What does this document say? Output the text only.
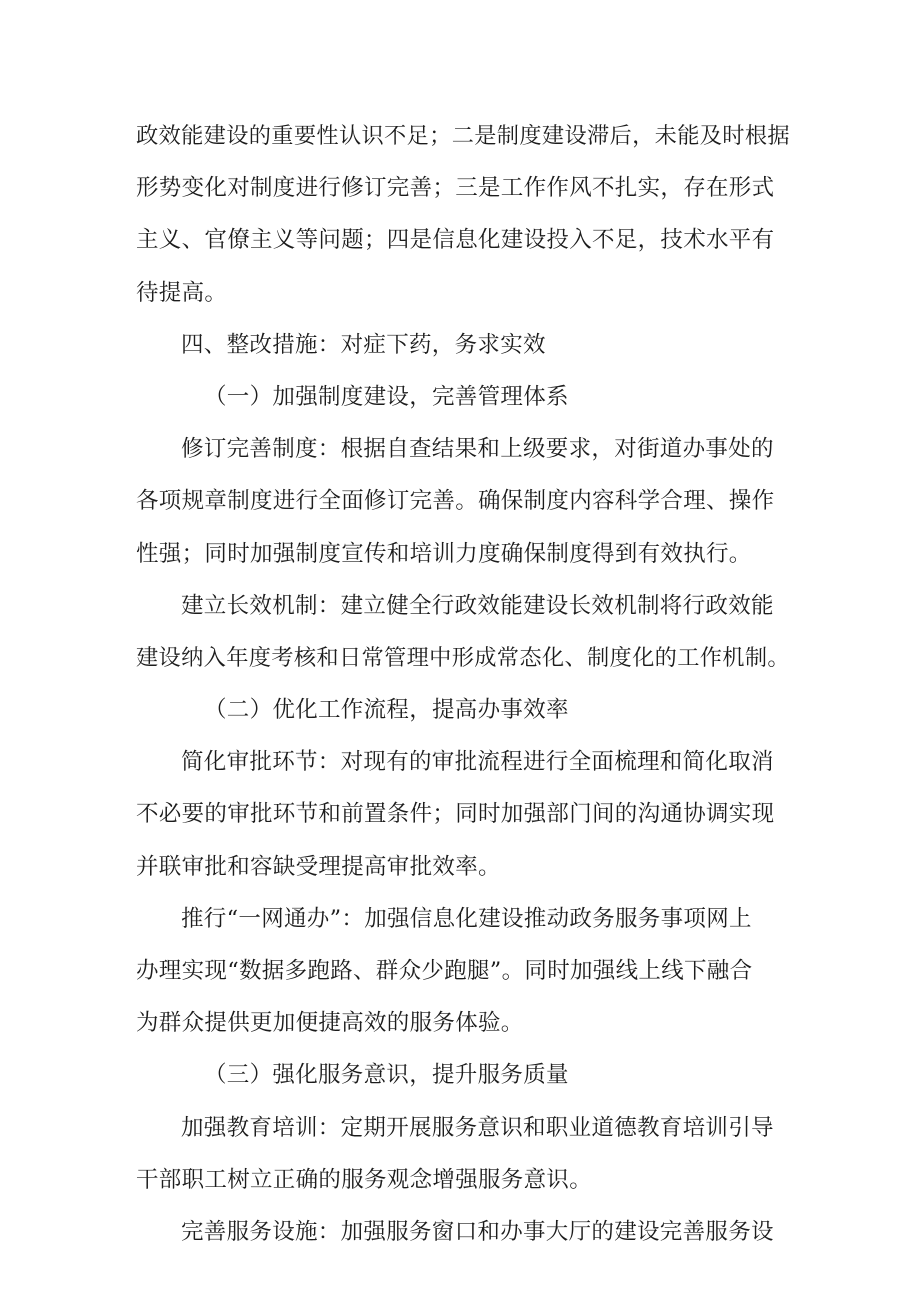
政效能建设的重要性认识不足；二是制度建设滞后，未能及时根据
形势变化对制度进行修订完善；三是工作作风不扎实，存在形式
主义、官僚主义等问题；四是信息化建设投入不足，技术水平有
待提高。
四、整改措施：对症下药，务求实效
（一）加强制度建设，完善管理体系
修订完善制度：根据自查结果和上级要求，对街道办事处的
各项规章制度进行全面修订完善。确保制度内容科学合理、操作
性强；同时加强制度宣传和培训力度确保制度得到有效执行。
建立长效机制：建立健全行政效能建设长效机制将行政效能
建设纳入年度考核和日常管理中形成常态化、制度化的工作机制。
（二）优化工作流程，提高办事效率
简化审批环节：对现有的审批流程进行全面梳理和简化取消
不必要的审批环节和前置条件；同时加强部门间的沟通协调实现
并联审批和容缺受理提高审批效率。
推行“一网通办”：加强信息化建设推动政务服务事项网上
办理实现“数据多跑路、群众少跑腿”。同时加强线上线下融合
为群众提供更加便捷高效的服务体验。
（三）强化服务意识，提升服务质量
加强教育培训：定期开展服务意识和职业道德教育培训引导
干部职工树立正确的服务观念增强服务意识。
完善服务设施：加强服务窗口和办事大厅的建设完善服务设
